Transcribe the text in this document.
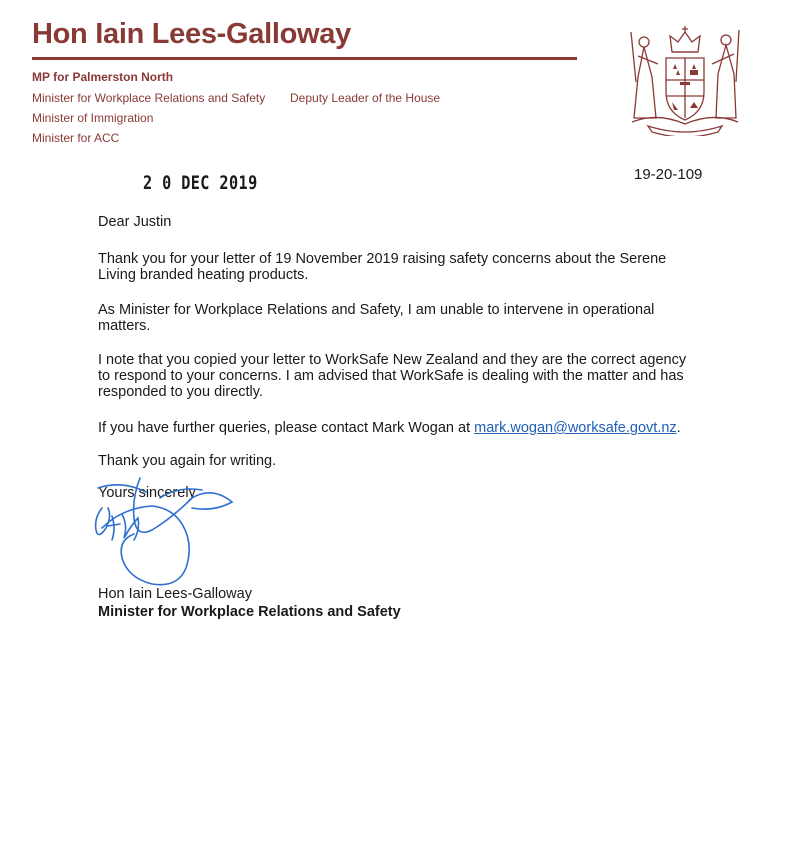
Hon Iain Lees-Galloway
MP for Palmerston North
Minister for Workplace Relations and Safety Deputy Leader of the House
Minister of Immigration
Minister for ACC
2 0 DEC 2019	19-20-109
Dear Justin
Thank you for your letter of 19 November 2019 raising safety concerns about the Serene Living branded heating products.
As Minister for Workplace Relations and Safety, I am unable to intervene in operational matters.
I note that you copied your letter to WorkSafe New Zealand and they are the correct agency to respond to your concerns. I am advised that WorkSafe is dealing with the matter and has responded to you directly.
If you have further queries, please contact Mark Wogan at mark.wogan@worksafe.govt.nz.
Thank you again for writing.
Yours sincerely
Hon Iain Lees-Galloway
Minister for Workplace Relations and Safety
